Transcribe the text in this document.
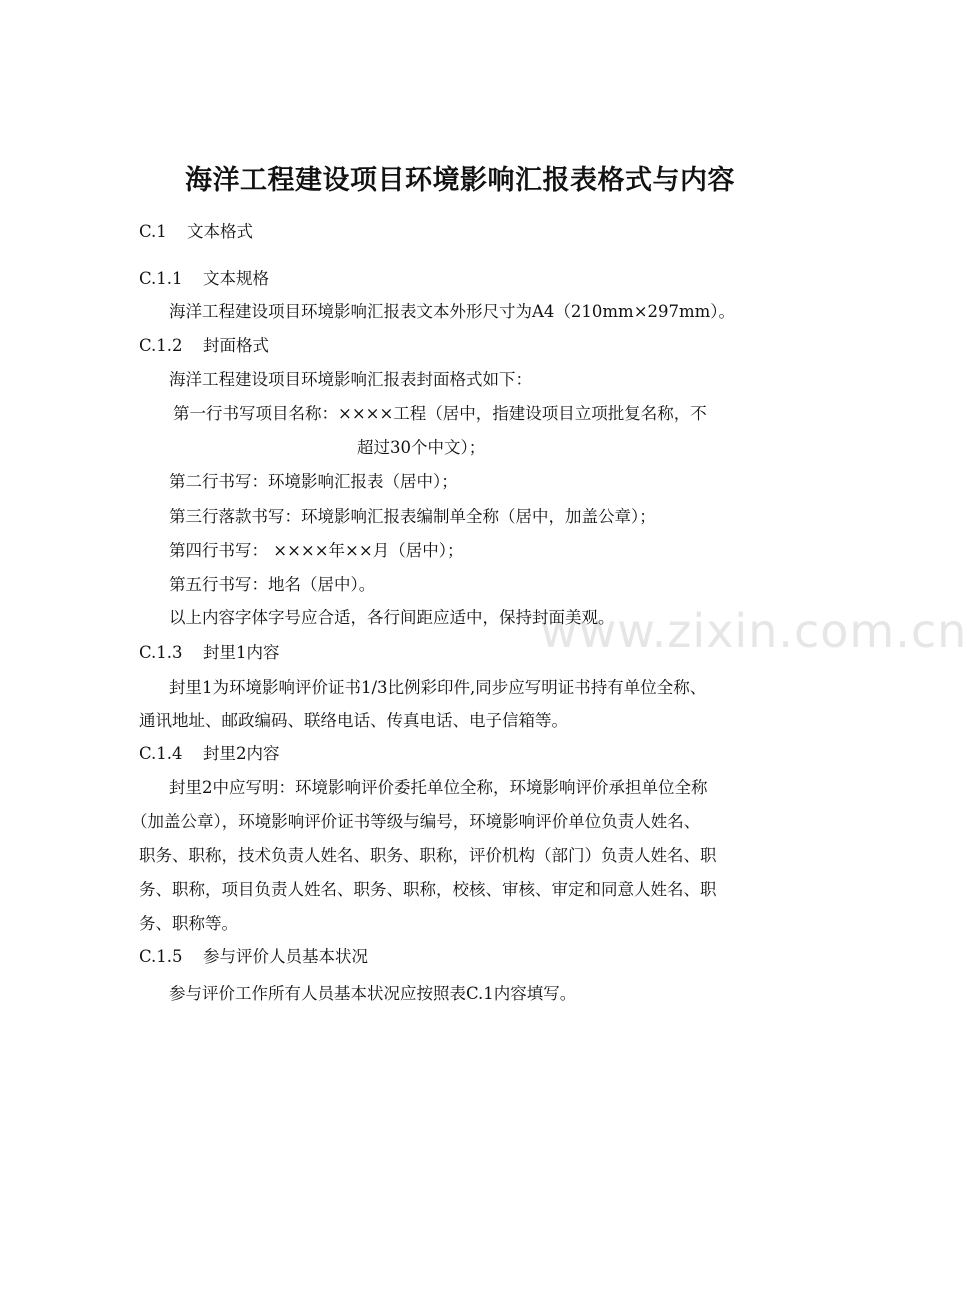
www.zixin.com.cn
海洋工程建设项目环境影响汇报表格式与内容
C.1 文本格式
C.1.1 文本规格
海洋工程建设项目环境影响汇报表文本外形尺寸为A4（210mm×297mm）。
C.1.2 封面格式
海洋工程建设项目环境影响汇报表封面格式如下：
第一行书写项目名称：××××工程（居中，指建设项目立项批复名称，不
超过30个中文）；
第二行书写：环境影响汇报表（居中）；
第三行落款书写：环境影响汇报表编制单全称（居中，加盖公章）；
第四行书写： ××××年××月（居中）；
第五行书写：地名（居中）。
以上内容字体字号应合适，各行间距应适中，保持封面美观。
C.1.3 封里1内容
封里1为环境影响评价证书1/3比例彩印件,同步应写明证书持有单位全称、
通讯地址、邮政编码、联络电话、传真电话、电子信箱等。
C.1.4 封里2内容
封里2中应写明：环境影响评价委托单位全称，环境影响评价承担单位全称
（加盖公章），环境影响评价证书等级与编号，环境影响评价单位负责人姓名、
职务、职称，技术负责人姓名、职务、职称，评价机构（部门）负责人姓名、职
务、职称，项目负责人姓名、职务、职称，校核、审核、审定和同意人姓名、职
务、职称等。
C.1.5 参与评价人员基本状况
参与评价工作所有人员基本状况应按照表C.1内容填写。
